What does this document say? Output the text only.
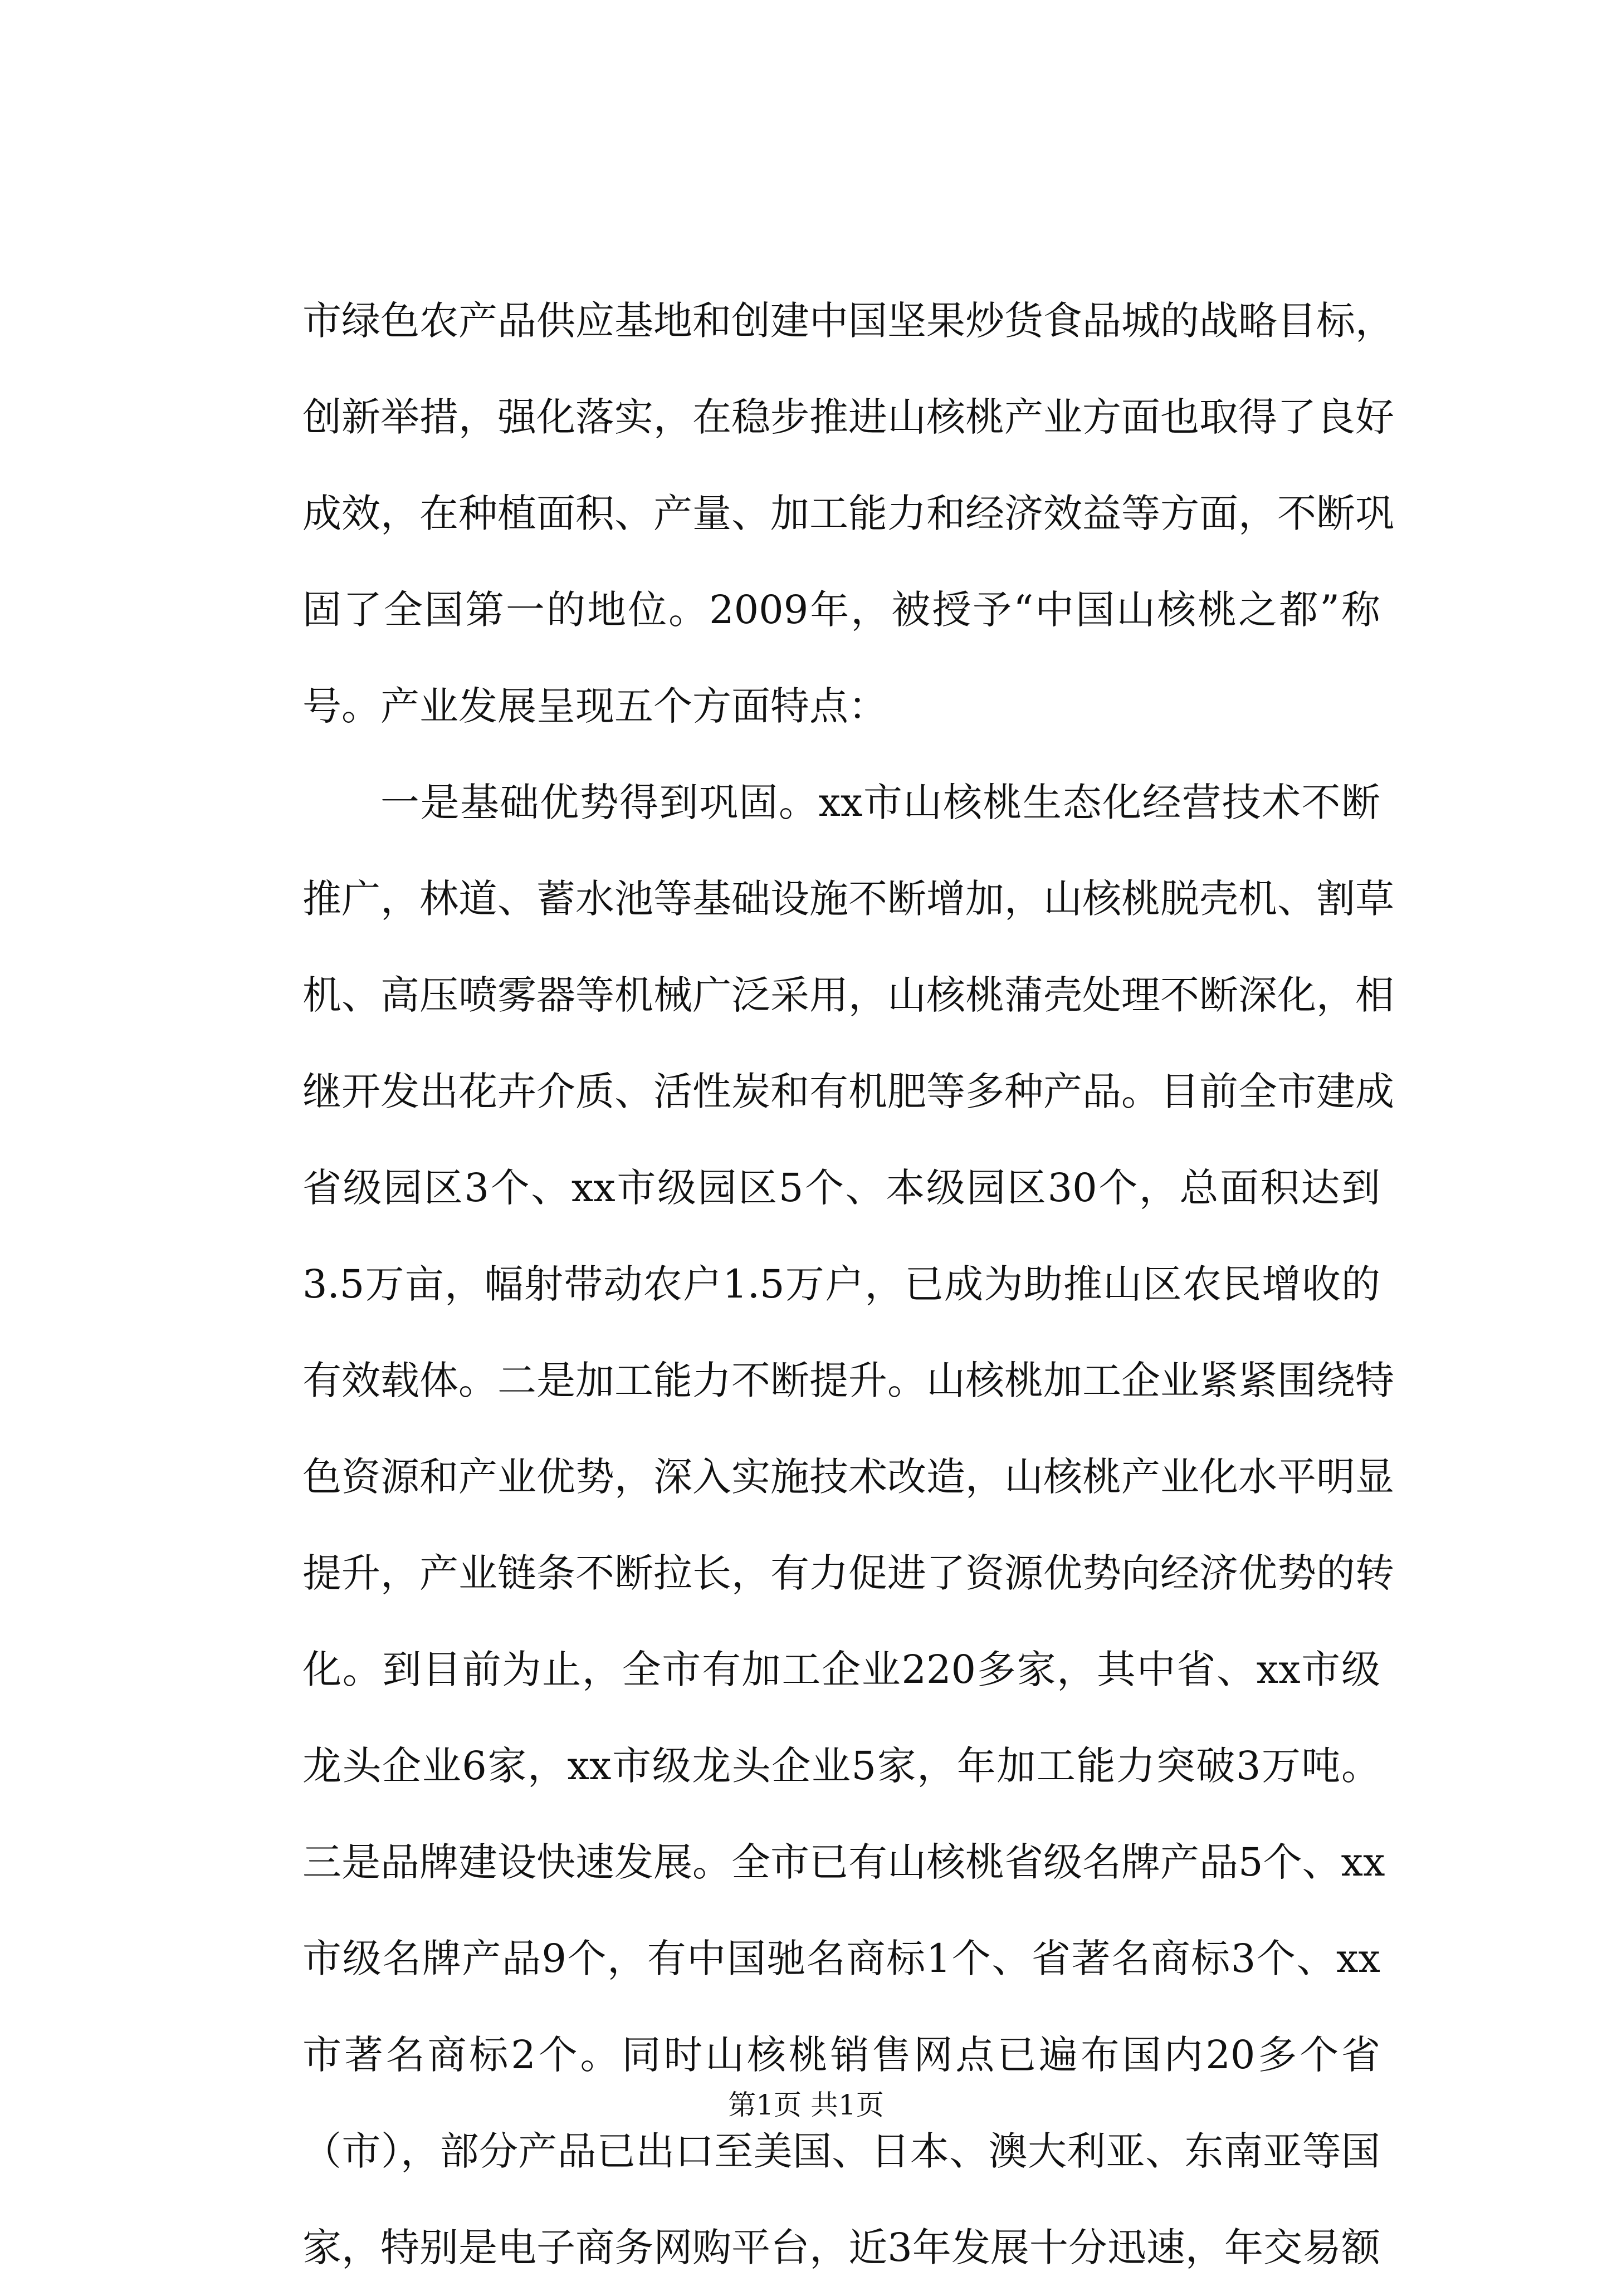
市绿色农产品供应基地和创建中国坚果炒货食品城的战略目标，
创新举措，强化落实，在稳步推进山核桃产业方面也取得了良好
成效，在种植面积、产量、加工能力和经济效益等方面，不断巩
固了全国第一的地位。2009年，被授予“中国山核桃之都”称
号。产业发展呈现五个方面特点：
一是基础优势得到巩固。xx市山核桃生态化经营技术不断
推广，林道、蓄水池等基础设施不断增加，山核桃脱壳机、割草
机、高压喷雾器等机械广泛采用，山核桃蒲壳处理不断深化，相
继开发出花卉介质、活性炭和有机肥等多种产品。目前全市建成
省级园区3个、xx市级园区5个、本级园区30个，总面积达到
3.5万亩，幅射带动农户1.5万户，已成为助推山区农民增收的
有效载体。二是加工能力不断提升。山核桃加工企业紧紧围绕特
色资源和产业优势，深入实施技术改造，山核桃产业化水平明显
提升，产业链条不断拉长，有力促进了资源优势向经济优势的转
化。到目前为止，全市有加工企业220多家，其中省、xx市级
龙头企业6家，xx市级龙头企业5家，年加工能力突破3万吨。
三是品牌建设快速发展。全市已有山核桃省级名牌产品5个、xx
市级名牌产品9个，有中国驰名商标1个、省著名商标3个、xx
市著名商标2个。同时山核桃销售网点已遍布国内20多个省
（市），部分产品已出口至美国、日本、澳大利亚、东南亚等国
家，特别是电子商务网购平台，近3年发展十分迅速，年交易额
第1页 共1页
